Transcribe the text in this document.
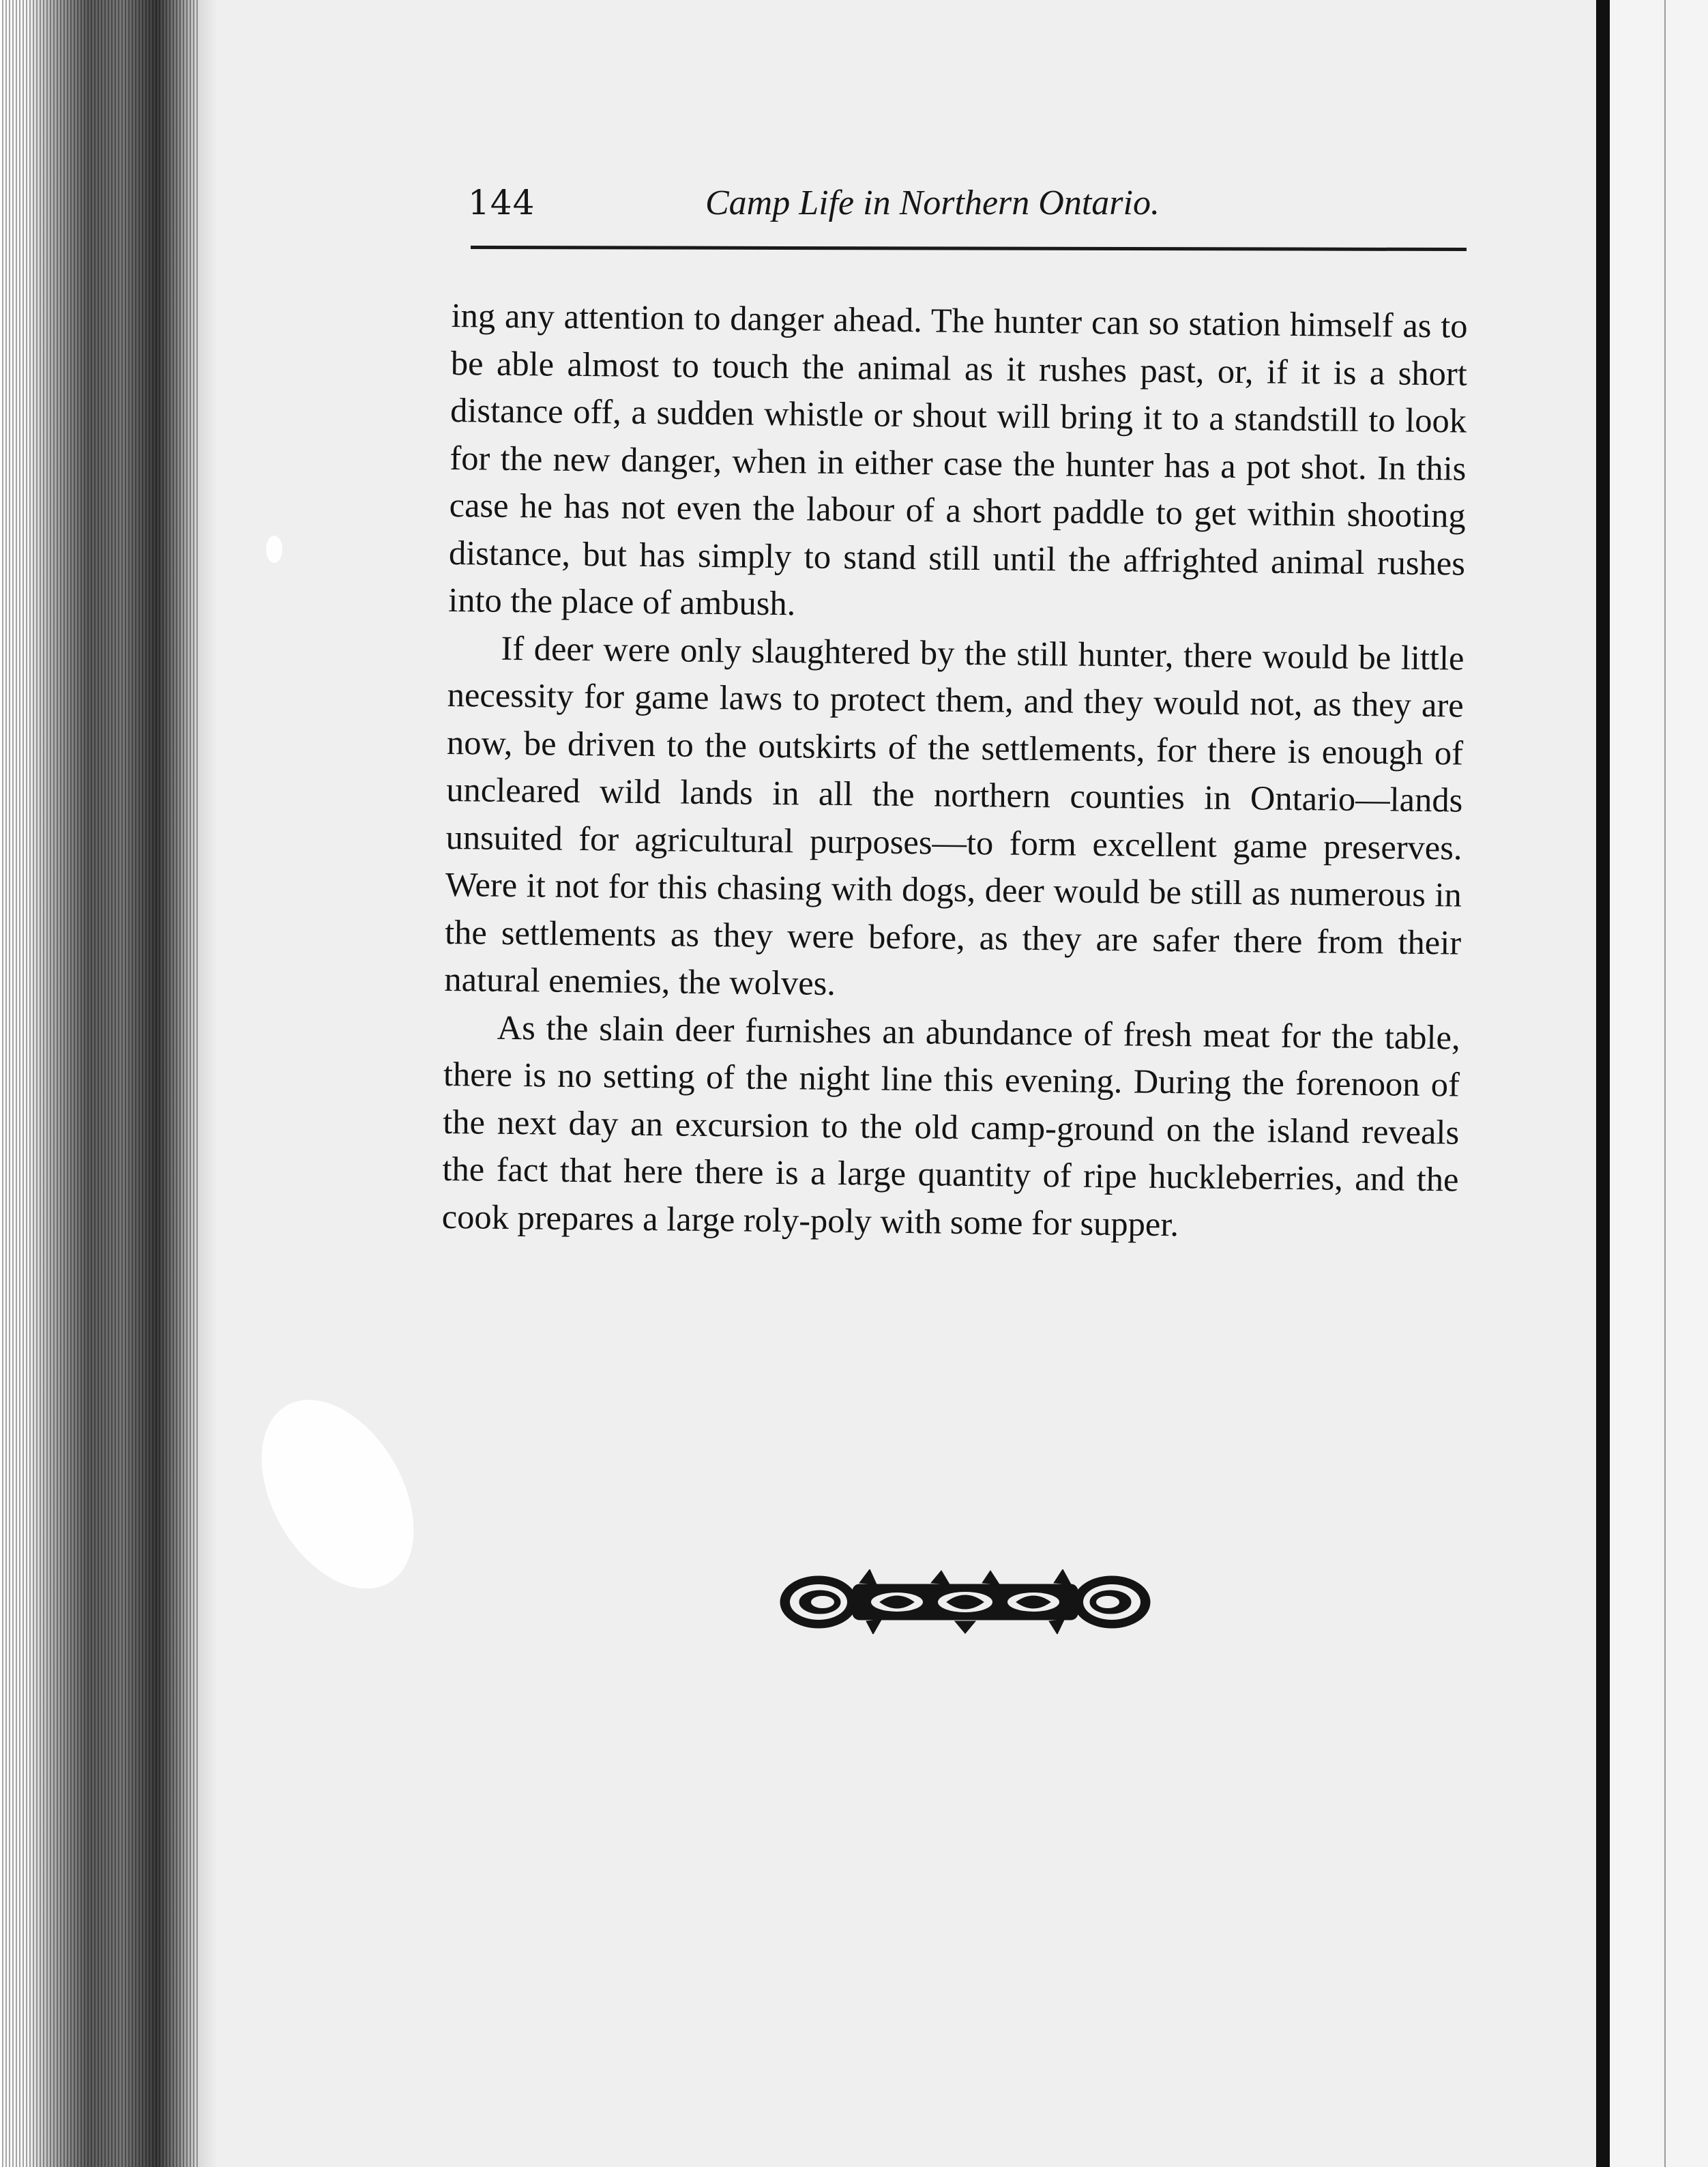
144	Camp Life in Northern Ontario.

ing any attention to danger ahead. The hunter can so station himself as to be able almost to touch the animal as it rushes past, or, if it is a short distance off, a sudden whistle or shout will bring it to a standstill to look for the new danger, when in either case the hunter has a pot shot. In this case he has not even the labour of a short paddle to get within shooting distance, but has simply to stand still until the affrighted animal rushes into the place of ambush.

If deer were only slaughtered by the still hunter, there would be little necessity for game laws to protect them, and they would not, as they are now, be driven to the outskirts of the settlements, for there is enough of uncleared wild lands in all the northern counties in Ontario—lands unsuited for agricultural purposes—to form excellent game preserves. Were it not for this chasing with dogs, deer would be still as numerous in the settlements as they were before, as they are safer there from their natural enemies, the wolves.

As the slain deer furnishes an abundance of fresh meat for the table, there is no setting of the night line this evening. During the forenoon of the next day an excursion to the old camp-ground on the island reveals the fact that here there is a large quantity of ripe huckleberries, and the cook prepares a large roly-poly with some for supper.
